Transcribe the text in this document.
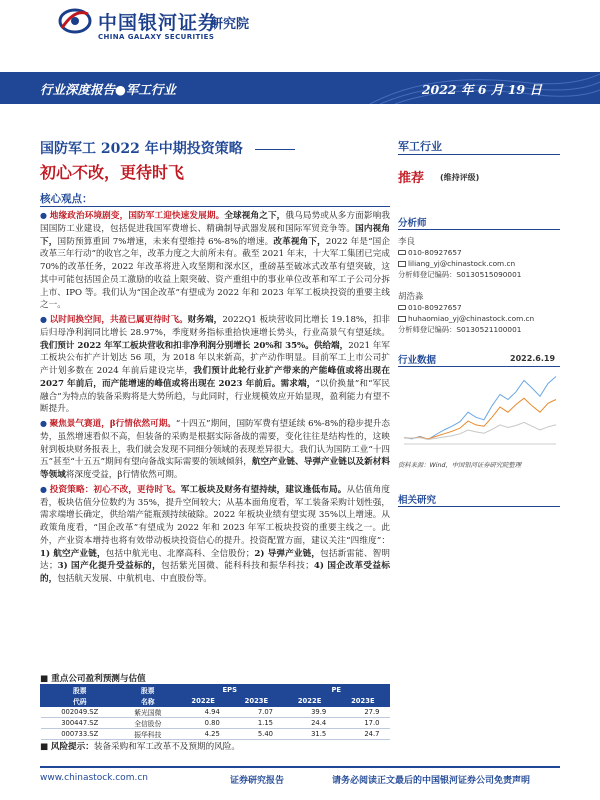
中国银河证券
CHINA GALAXY SECURITIES
研究院
行业深度报告●军工行业	2022 年 6 月 19 日
国防军工 2022 年中期投资策略
初心不改，更待时飞
核心观点：

● 地缘政治环境剧变，国防军工迎快速发展期。全球视角之下，俄乌局势或从多方面影响我国国防工业建设，包括促进我国军费增长、精确制导武器发展和国际军贸竞争等。国内视角下，国防预算重回 7%增速，未来有望维持 6%-8%的增速。改革视角下，2022 年是“国企改革三年行动”的收官之年，改革力度之大前所未有。截至 2021 年末，十大军工集团已完成 70%的改革任务，2022 年改革将进入攻坚期和深水区，重磅基至破冰式改革有望突破，这其中可能包括国企员工激励的收益上限突破、资产重组中的事业单位改革和军工子公司分拆上市、IPO 等。我们认为“国企改革”有望成为 2022 年和 2023 年军工板块投资的重要主线之一。

● 以时间换空间，共盈已属更待时飞。财务端，2022Q1 板块营收同比增长 19.18%，扣非后归母净利润同比增长 28.97%，季度财务指标重拾快速增长势头，行业高景气有望延续。我们预计 2022 年军工板块营收和扣非净利润分别增长 20%和 35%。供给端，2021 年军工板块公布扩产计划达 56 项，为 2018 年以来新高，扩产动作明显。目前军工上市公司扩产计划多数在 2024 年前后建设完毕，我们预计此轮行业扩产带来的产能峰值或将出现在 2027 年前后，而产能增速的峰值或将出现在 2023 年前后。需求端，“以价换量”和“军民融合”为特点的装备采购将是大势所趋，与此同时，行业规模效应开始显现，盈利能力有望不断提升。

● 聚焦景气赛道，β行情依然可期。“十四五”期间，国防军费有望延续 6%-8%的稳步提升态势，虽然增速看似不高，但装备的采购是根据实际备战的需要，变化往往是结构性的，这映射到板块财务报表上，我们就会发现不同细分领域的表现差异很大。我们认为国防工业“十四五”甚至“十五五”期间有望向备战实际需要的领域倾斜，航空产业链、导弹产业链以及新材料等领域将深度受益，β行情依然可期。

● 投资策略：初心不改，更待时飞。军工板块及财务有望持续，建议逢低布局。从估值角度看，板块估值分位数约为 35%，提升空间较大；从基本面角度看，军工装备采购计划性强，需求端增长确定，供给端产能瓶颈持续破除。2022 年板块业绩有望实现 35%以上增速。从政策角度看，“国企改革”有望成为 2022 年和 2023 年军工板块投资的重要主线之一。此外，产业资本增持也将有效带动板块投资信心的提升。投资配置方面，建议关注“四维度”：1) 航空产业链，包括中航光电、北摩高科、全信股份；2) 导弹产业链，包括新雷能、智明达；3) 国产化提升受益标的，包括紫光国微、能科科技和振华科技；4) 国企改革受益标的，包括航天发展、中航机电、中直股份等。

军工行业
推荐 (维持评级)
分析师
李良
010-80927657
liliang_yj@chinastock.com.cn
分析师登记编码：S0130515090001
胡浩淼
010-80927657
huhaomiao_yj@chinastock.com.cn
分析师登记编码：S0130521100001
行业数据	2022.6.19
资料来源：Wind，中国银河证券研究院整理
相关研究
■ 重点公司盈利预测与估值
股票	股票	EPS		PE	
代码	名称	2022E	2023E	2022E	2023E
002049.SZ	紫光国微	4.94	7.07	39.9	27.9
300447.SZ	全信股份	0.80	1.15	24.4	17.0
000733.SZ	振华科技	4.25	5.40	31.5	24.7
■ 风险提示：装备采购和军工改革不及预期的风险。
www.chinastock.com.cn	证券研究报告	请务必阅读正文最后的中国银河证券公司免责声明
